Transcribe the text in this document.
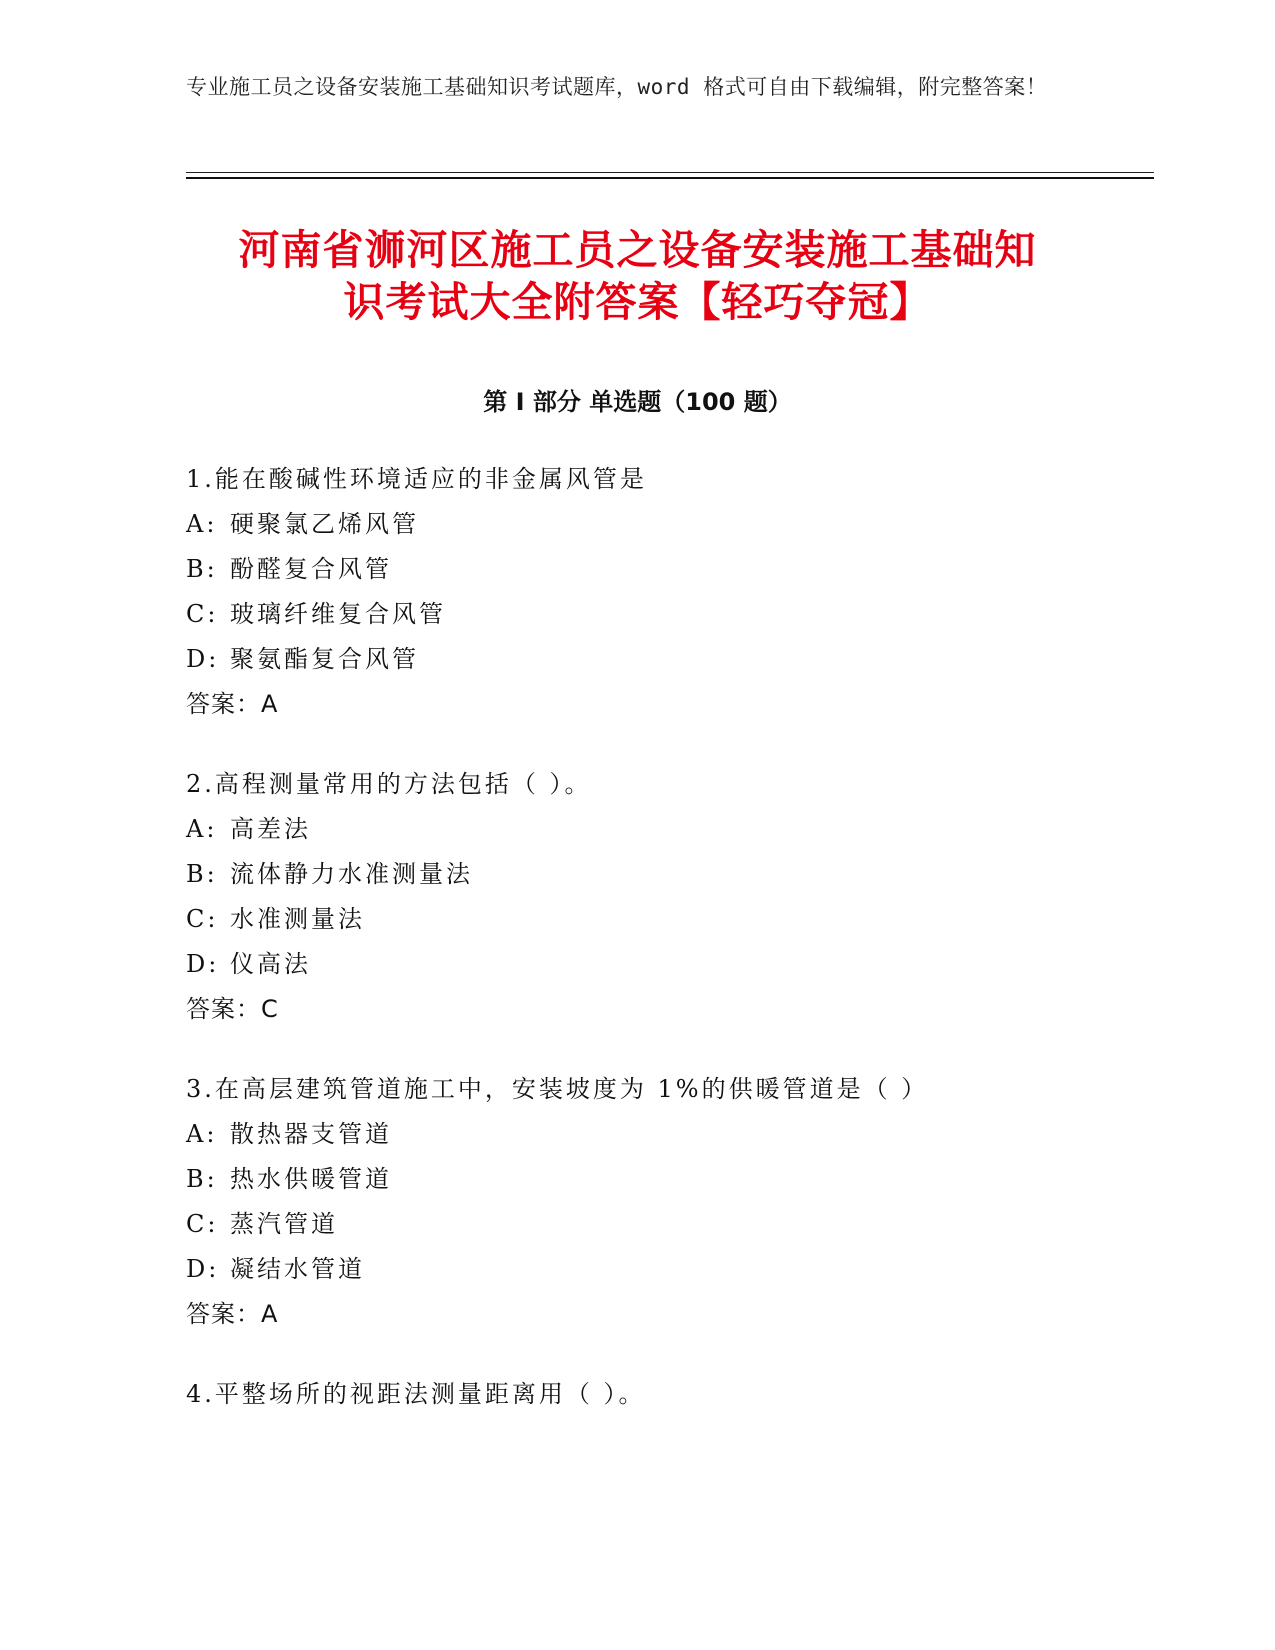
专业施工员之设备安装施工基础知识考试题库，word 格式可自由下载编辑，附完整答案！
河南省浉河区施工员之设备安装施工基础知
识考试大全附答案【轻巧夺冠】
第 I 部分 单选题（100 题）
1.能在酸碱性环境适应的非金属风管是
A: 硬聚氯乙烯风管
B: 酚醛复合风管
C: 玻璃纤维复合风管
D: 聚氨酯复合风管
答案：A
2.高程测量常用的方法包括（ ）。
A: 高差法
B: 流体静力水准测量法
C: 水准测量法
D: 仪高法
答案：C
3.在高层建筑管道施工中，安装坡度为 1%的供暖管道是（ ）
A: 散热器支管道
B: 热水供暖管道
C: 蒸汽管道
D: 凝结水管道
答案：A
4.平整场所的视距法测量距离用（ ）。
